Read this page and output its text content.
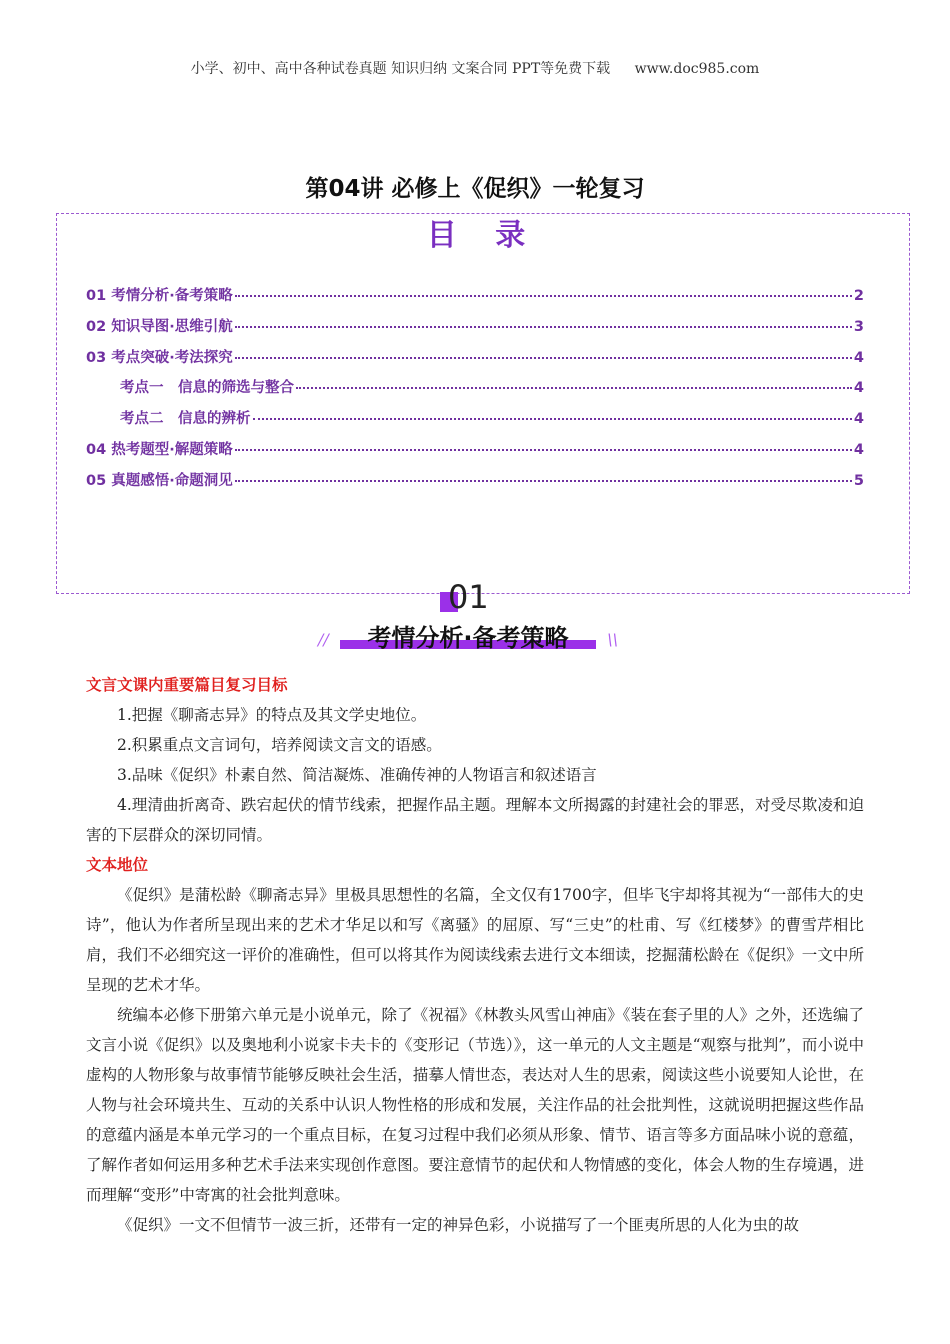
小学、初中、高中各种试卷真题 知识归纳 文案合同 PPT等免费下载 www.doc985.com
第04讲 必修上《促织》一轮复习
目 录
01 考情分析·备考策略	2
02 知识导图·思维引航	3
03 考点突破·考法探究	4
考点一　信息的筛选与整合	4
考点二　信息的辨析	4
04 热考题型·解题策略	4
05 真题感悟·命题洞见	5
01
// 考情分析·备考策略 \\
文言文课内重要篇目复习目标

1.把握《聊斋志异》的特点及其文学史地位。

2.积累重点文言词句，培养阅读文言文的语感。

3.品味《促织》朴素自然、简洁凝炼、准确传神的人物语言和叙述语言

4.理清曲折离奇、跌宕起伏的情节线索，把握作品主题。理解本文所揭露的封建社会的罪恶，对受尽欺凌和迫害的下层群众的深切同情。

文本地位

《促织》是蒲松龄《聊斋志异》里极具思想性的名篇，全文仅有1700字，但毕飞宇却将其视为“一部伟大的史诗”，他认为作者所呈现出来的艺术才华足以和写《离骚》的屈原、写“三史”的杜甫、写《红楼梦》的曹雪芹相比肩，我们不必细究这一评价的准确性，但可以将其作为阅读线索去进行文本细读，挖掘蒲松龄在《促织》一文中所呈现的艺术才华。

统编本必修下册第六单元是小说单元，除了《祝福》《林教头风雪山神庙》《装在套子里的人》之外，还选编了文言小说《促织》以及奥地利小说家卡夫卡的《变形记（节选）》，这一单元的人文主题是“观察与批判”，而小说中虚构的人物形象与故事情节能够反映社会生活，描摹人情世态，表达对人生的思索，阅读这些小说要知人论世，在人物与社会环境共生、互动的关系中认识人物性格的形成和发展，关注作品的社会批判性，这就说明把握这些作品的意蕴内涵是本单元学习的一个重点目标，在复习过程中我们必须从形象、情节、语言等多方面品味小说的意蕴，了解作者如何运用多种艺术手法来实现创作意图。要注意情节的起伏和人物情感的变化，体会人物的生存境遇，进而理解“变形”中寄寓的社会批判意味。

《促织》一文不但情节一波三折，还带有一定的神异色彩，小说描写了一个匪夷所思的人化为虫的故
